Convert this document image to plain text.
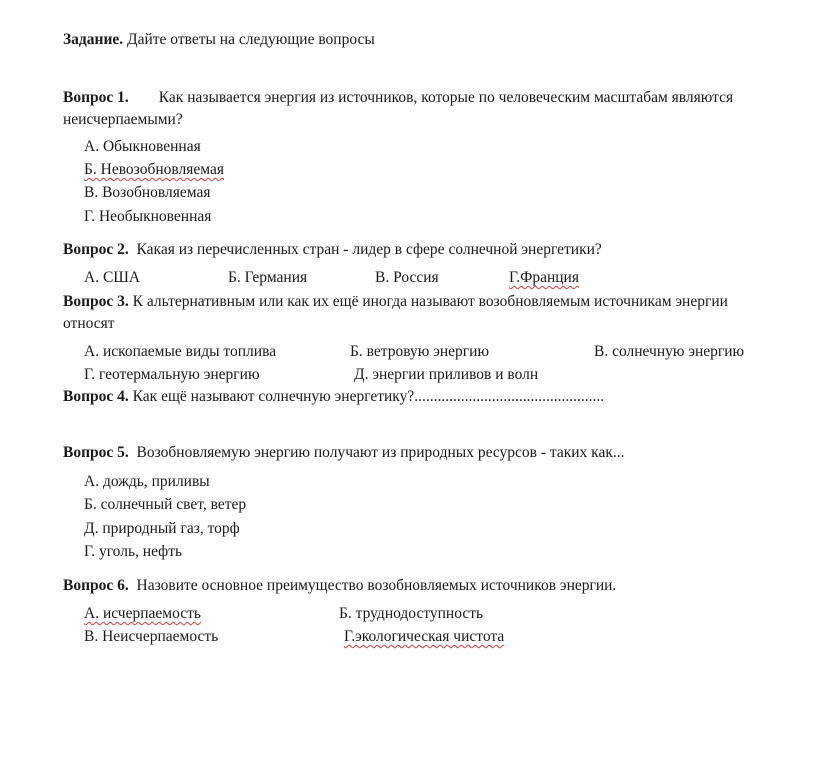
Задание. Дайте ответы на следующие вопросы
Вопрос 1. Как называется энергия из источников, которые по человеческим масштабам являются
неисчерпаемыми?
А. Обыкновенная
Б. Невозобновляемая
В. Возобновляемая
Г. Необыкновенная
Вопрос 2. Какая из перечисленных стран - лидер в сфере солнечной энергетики?
А. США	Б. Германия	В. Россия	Г.Франция
Вопрос 3. К альтернативным или как их ещё иногда называют возобновляемым источникам энергии
относят
А. ископаемые виды топлива	Б. ветровую энергию	В. солнечную энергию
Г. геотермальную энергию	Д. энергии приливов и волн
Вопрос 4. Как ещё называют солнечную энергетику?.................................................
Вопрос 5. Возобновляемую энергию получают из природных ресурсов - таких как...
А. дождь, приливы
Б. солнечный свет, ветер
Д. природный газ, торф
Г. уголь, нефть
Вопрос 6. Назовите основное преимущество возобновляемых источников энергии.
А. исчерпаемость	Б. труднодоступность
В. Неисчерпаемость	Г.экологическая чистота
